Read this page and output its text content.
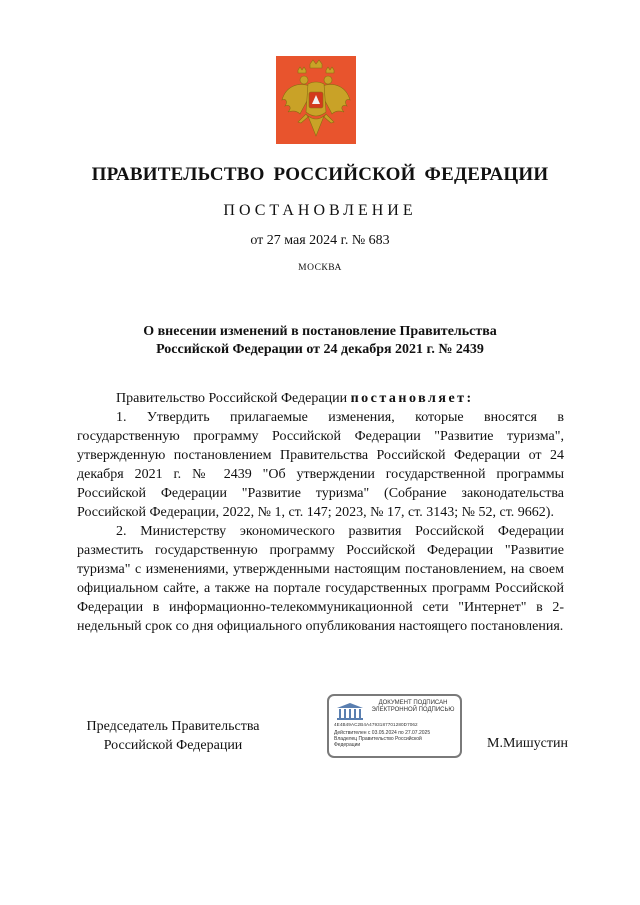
ПРАВИТЕЛЬСТВО РОССИЙСКОЙ ФЕДЕРАЦИИ
ПОСТАНОВЛЕНИЕ
от 27 мая 2024 г. № 683
МОСКВА
О внесении изменений в постановление Правительства
Российской Федерации от 24 декабря 2021 г. № 2439

Правительство Российской Федерации постановляет:

1. Утвердить прилагаемые изменения, которые вносятся в государственную программу Российской Федерации "Развитие туризма", утвержденную постановлением Правительства Российской Федерации от 24 декабря 2021 г. № 2439 "Об утверждении государственной программы Российской Федерации "Развитие туризма" (Собрание законодательства Российской Федерации, 2022, № 1, ст. 147; 2023, № 17, ст. 3143; № 52, ст. 9662).

2. Министерству экономического развития Российской Федерации разместить государственную программу Российской Федерации "Развитие туризма" с изменениями, утвержденными настоящим постановлением, на своем официальном сайте, а также на портале государственных программ Российской Федерации в информационно-телекоммуникационной сети "Интернет" в 2-недельный срок со дня официального опубликования настоящего постановления.

Председатель Правительства
Российской Федерации
ДОКУМЕНТ ПОДПИСАН
ЭЛЕКТРОННОЙ ПОДПИСЬЮ
4E4B49AC2B4A4793187701280D7062
Действителен с 03.05.2024 по 27.07.2025
Владелец Правительство Российской Федерации	М.Мишустин
